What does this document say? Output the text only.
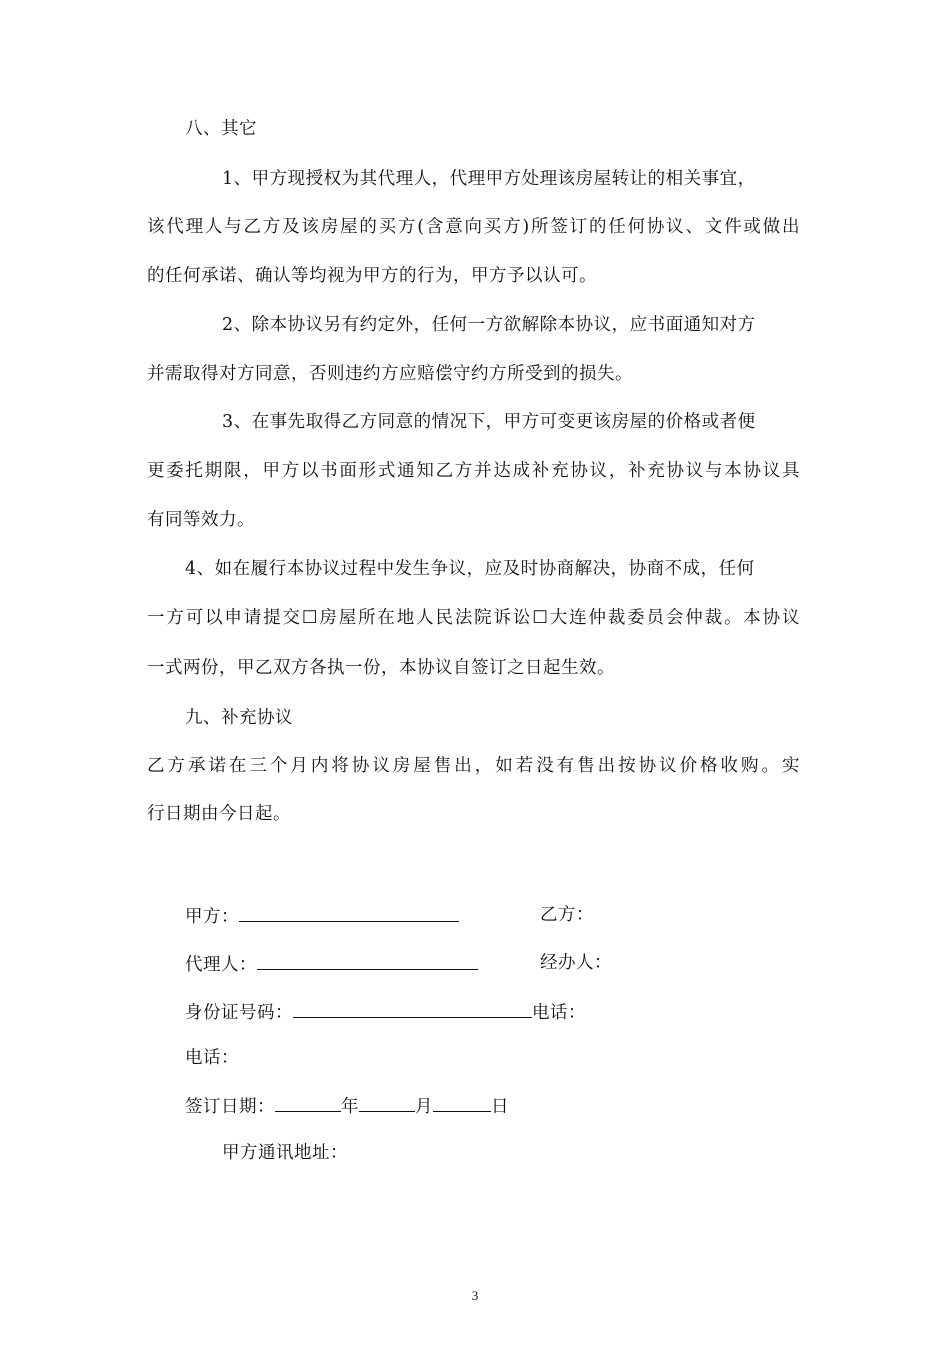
八、其它
1、甲方现授权为其代理人，代理甲方处理该房屋转让的相关事宜，
该代理人与乙方及该房屋的买方(含意向买方)所签订的任何协议、文件或做出
的任何承诺、确认等均视为甲方的行为，甲方予以认可。
2、除本协议另有约定外，任何一方欲解除本协议，应书面通知对方
并需取得对方同意，否则违约方应赔偿守约方所受到的损失。
3、在事先取得乙方同意的情况下，甲方可变更该房屋的价格或者便
更委托期限，甲方以书面形式通知乙方并达成补充协议，补充协议与本协议具
有同等效力。
4、如在履行本协议过程中发生争议，应及时协商解决，协商不成，任何
一方可以申请提交☐房屋所在地人民法院诉讼☐大连仲裁委员会仲裁。本协议
一式两份，甲乙双方各执一份，本协议自签订之日起生效。
九、补充协议
乙方承诺在三个月内将协议房屋售出，如若没有售出按协议价格收购。实
行日期由今日起。
甲方：	乙方：
代理人：	经办人：
身份证号码：	电话：
电话：
签订日期：	年	月	日
甲方通讯地址：
3
